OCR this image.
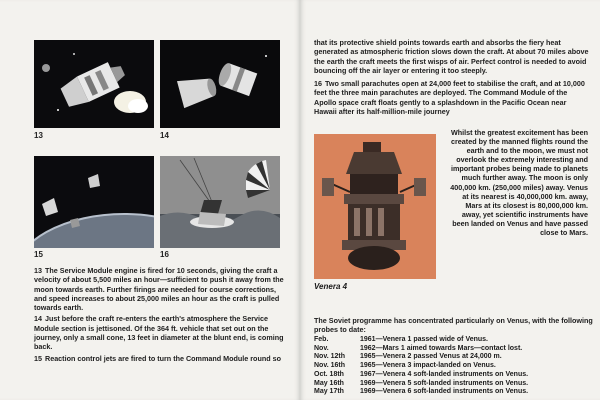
13	14
15	16

13 The Service Module engine is fired for 10 seconds, giving the craft a velocity of about 5,500 miles an hour—sufficient to push it away from the moon towards earth. Further firings are needed for course corrections, and speed increases to about 25,000 miles an hour as the craft is pulled towards earth.

14 Just before the craft re-enters the earth's atmosphere the Service Module section is jettisoned. Of the 364 ft. vehicle that set out on the journey, only a small cone, 13 feet in diameter at the blunt end, is coming back.

15 Reaction control jets are fired to turn the Command Module round so

that its protective shield points towards earth and absorbs the fiery heat generated as atmospheric friction slows down the craft. At about 70 miles above the earth the craft meets the first wisps of air. Perfect control is needed to avoid bouncing off the air layer or entering it too steeply.

16 Two small parachutes open at 24,000 feet to stabilise the craft, and at 10,000 feet the three main parachutes are deployed. The Command Module of the Apollo space craft floats gently to a splashdown in the Pacific Ocean near Hawaii after its half-million-mile journey

Venera 4
Whilst the greatest excitement has been created by the manned flights round the earth and to the moon, we must not overlook the extremely interesting and important probes being made to planets much further away. The moon is only 400,000 km. (250,000 miles) away. Venus at its nearest is 40,000,000 km. away, Mars at its closest is 80,000,000 km. away, yet scientific instruments have been landed on Venus and have passed close to Mars.
The Soviet programme has concentrated particularly on Venus, with the following probes to date:
Feb.	1961—Venera 1 passed wide of Venus.
Nov.	1962—Mars 1 aimed towards Mars—contact lost.
Nov. 12th	1965—Venera 2 passed Venus at 24,000 m.
Nov. 16th	1965—Venera 3 impact-landed on Venus.
Oct. 18th	1967—Venera 4 soft-landed instruments on Venus.
May 16th	1969—Venera 5 soft-landed instruments on Venus.
May 17th	1969—Venera 6 soft-landed instruments on Venus.
